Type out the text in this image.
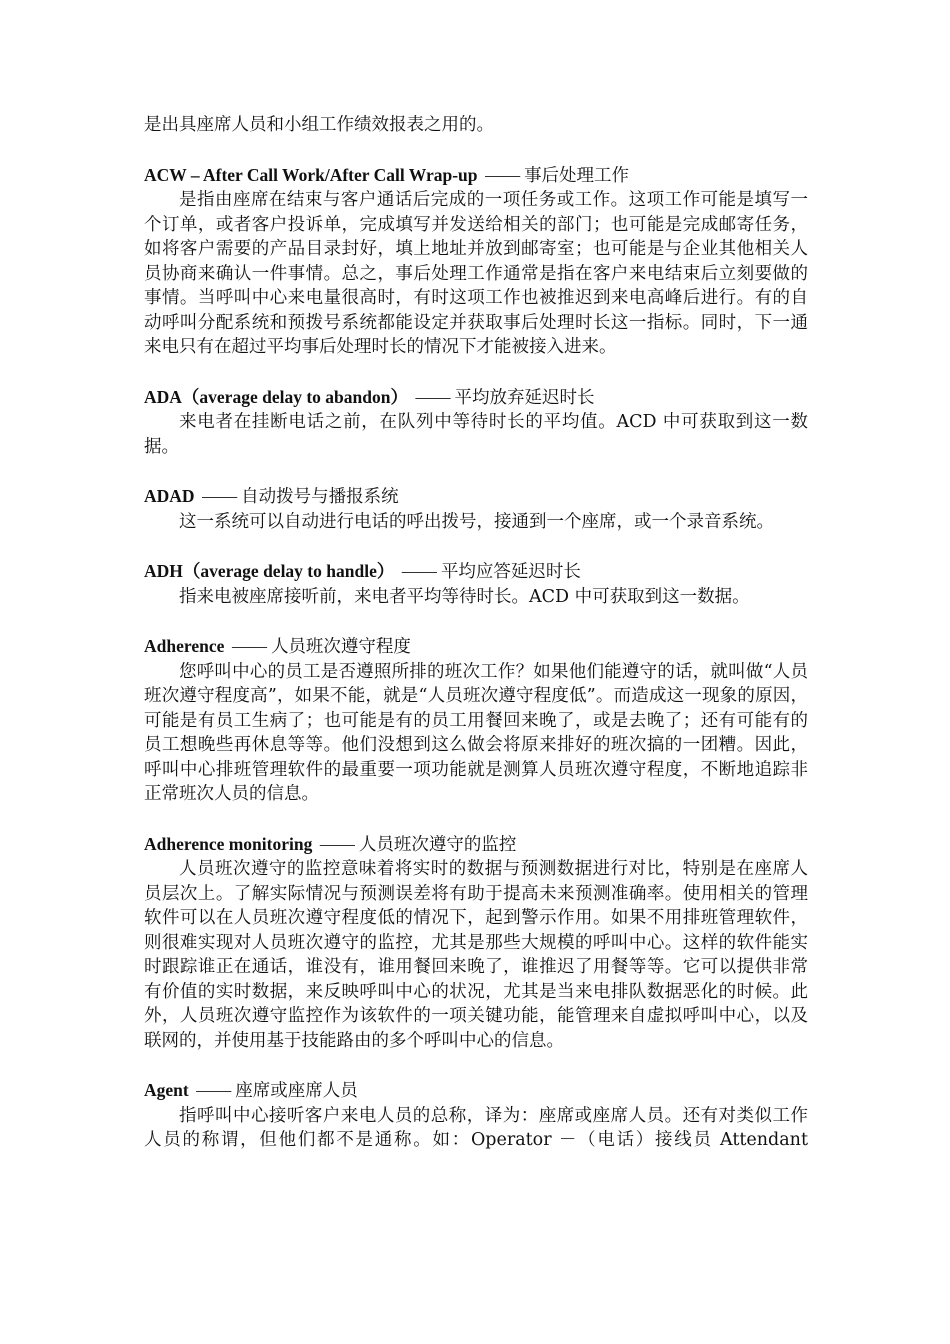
是出具座席人员和小组工作绩效报表之用的。

ACW – After Call Work/After Call Wrap-up —— 事后处理工作

是指由座席在结束与客户通话后完成的一项任务或工作。这项工作可能是填写一个订单，或者客户投诉单，完成填写并发送给相关的部门；也可能是完成邮寄任务，如将客户需要的产品目录封好，填上地址并放到邮寄室；也可能是与企业其他相关人员协商来确认一件事情。总之，事后处理工作通常是指在客户来电结束后立刻要做的事情。当呼叫中心来电量很高时，有时这项工作也被推迟到来电高峰后进行。有的自动呼叫分配系统和预拨号系统都能设定并获取事后处理时长这一指标。同时，下一通来电只有在超过平均事后处理时长的情况下才能被接入进来。

ADA（average delay to abandon） —— 平均放弃延迟时长

来电者在挂断电话之前，在队列中等待时长的平均值。ACD 中可获取到这一数据。

ADAD —— 自动拨号与播报系统

这一系统可以自动进行电话的呼出拨号，接通到一个座席，或一个录音系统。

ADH（average delay to handle） —— 平均应答延迟时长

指来电被座席接听前，来电者平均等待时长。ACD 中可获取到这一数据。

Adherence —— 人员班次遵守程度

您呼叫中心的员工是否遵照所排的班次工作？如果他们能遵守的话，就叫做“人员班次遵守程度高”，如果不能，就是“人员班次遵守程度低”。而造成这一现象的原因，可能是有员工生病了；也可能是有的员工用餐回来晚了，或是去晚了；还有可能有的员工想晚些再休息等等。他们没想到这么做会将原来排好的班次搞的一团糟。因此，呼叫中心排班管理软件的最重要一项功能就是测算人员班次遵守程度，不断地追踪非正常班次人员的信息。

Adherence monitoring —— 人员班次遵守的监控

人员班次遵守的监控意味着将实时的数据与预测数据进行对比，特别是在座席人员层次上。了解实际情况与预测误差将有助于提高未来预测准确率。使用相关的管理软件可以在人员班次遵守程度低的情况下，起到警示作用。如果不用排班管理软件，则很难实现对人员班次遵守的监控，尤其是那些大规模的呼叫中心。这样的软件能实时跟踪谁正在通话，谁没有，谁用餐回来晚了，谁推迟了用餐等等。它可以提供非常有价值的实时数据，来反映呼叫中心的状况，尤其是当来电排队数据恶化的时候。此外，人员班次遵守监控作为该软件的一项关键功能，能管理来自虚拟呼叫中心，以及联网的，并使用基于技能路由的多个呼叫中心的信息。

Agent —— 座席或座席人员

指呼叫中心接听客户来电人员的总称，译为：座席或座席人员。还有对类似工作人员的称谓，但他们都不是通称。如：Operator －（电话）接线员 Attendant
